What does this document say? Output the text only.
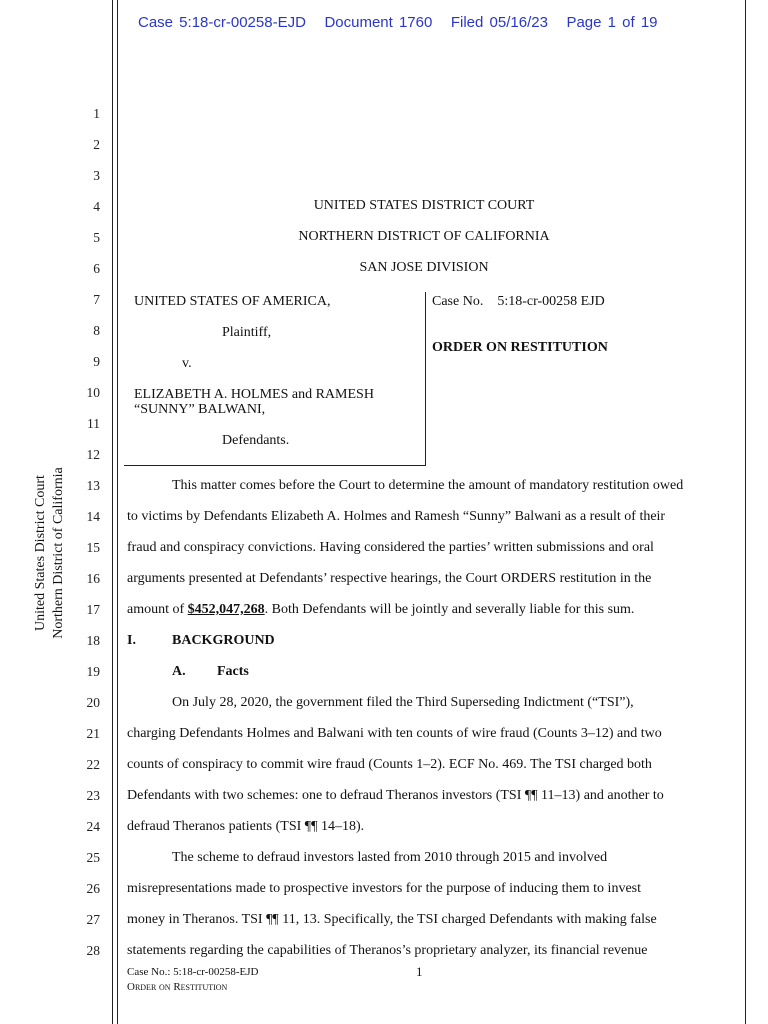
Case 5:18-cr-00258-EJD Document 1760 Filed 05/16/23 Page 1 of 19
1
2
3
4
5
6
7
8
9
10
11
12
13
14
15
16
17
18
19
20
21
22
23
24
25
26
27
28
United States District Court Northern District of California
UNITED STATES DISTRICT COURT
NORTHERN DISTRICT OF CALIFORNIA
SAN JOSE DIVISION
UNITED STATES OF AMERICA,
Plaintiff,
v.
ELIZABETH A. HOLMES and RAMESH
“SUNNY” BALWANI,
Defendants.
Case No. 5:18-cr-00258 EJD
ORDER ON RESTITUTION
This matter comes before the Court to determine the amount of mandatory restitution owed
to victims by Defendants Elizabeth A. Holmes and Ramesh “Sunny” Balwani as a result of their
fraud and conspiracy convictions. Having considered the parties’ written submissions and oral
arguments presented at Defendants’ respective hearings, the Court ORDERS restitution in the
amount of $452,047,268. Both Defendants will be jointly and severally liable for this sum.
I.	BACKGROUND
A. Facts
On July 28, 2020, the government filed the Third Superseding Indictment (“TSI”),
charging Defendants Holmes and Balwani with ten counts of wire fraud (Counts 3–12) and two
counts of conspiracy to commit wire fraud (Counts 1–2). ECF No. 469. The TSI charged both
Defendants with two schemes: one to defraud Theranos investors (TSI ¶¶ 11–13) and another to
defraud Theranos patients (TSI ¶¶ 14–18).
The scheme to defraud investors lasted from 2010 through 2015 and involved
misrepresentations made to prospective investors for the purpose of inducing them to invest
money in Theranos. TSI ¶¶ 11, 13. Specifically, the TSI charged Defendants with making false
statements regarding the capabilities of Theranos’s proprietary analyzer, its financial revenue
Case No.: 5:18-cr-00258-EJD	1
Order on Restitution
